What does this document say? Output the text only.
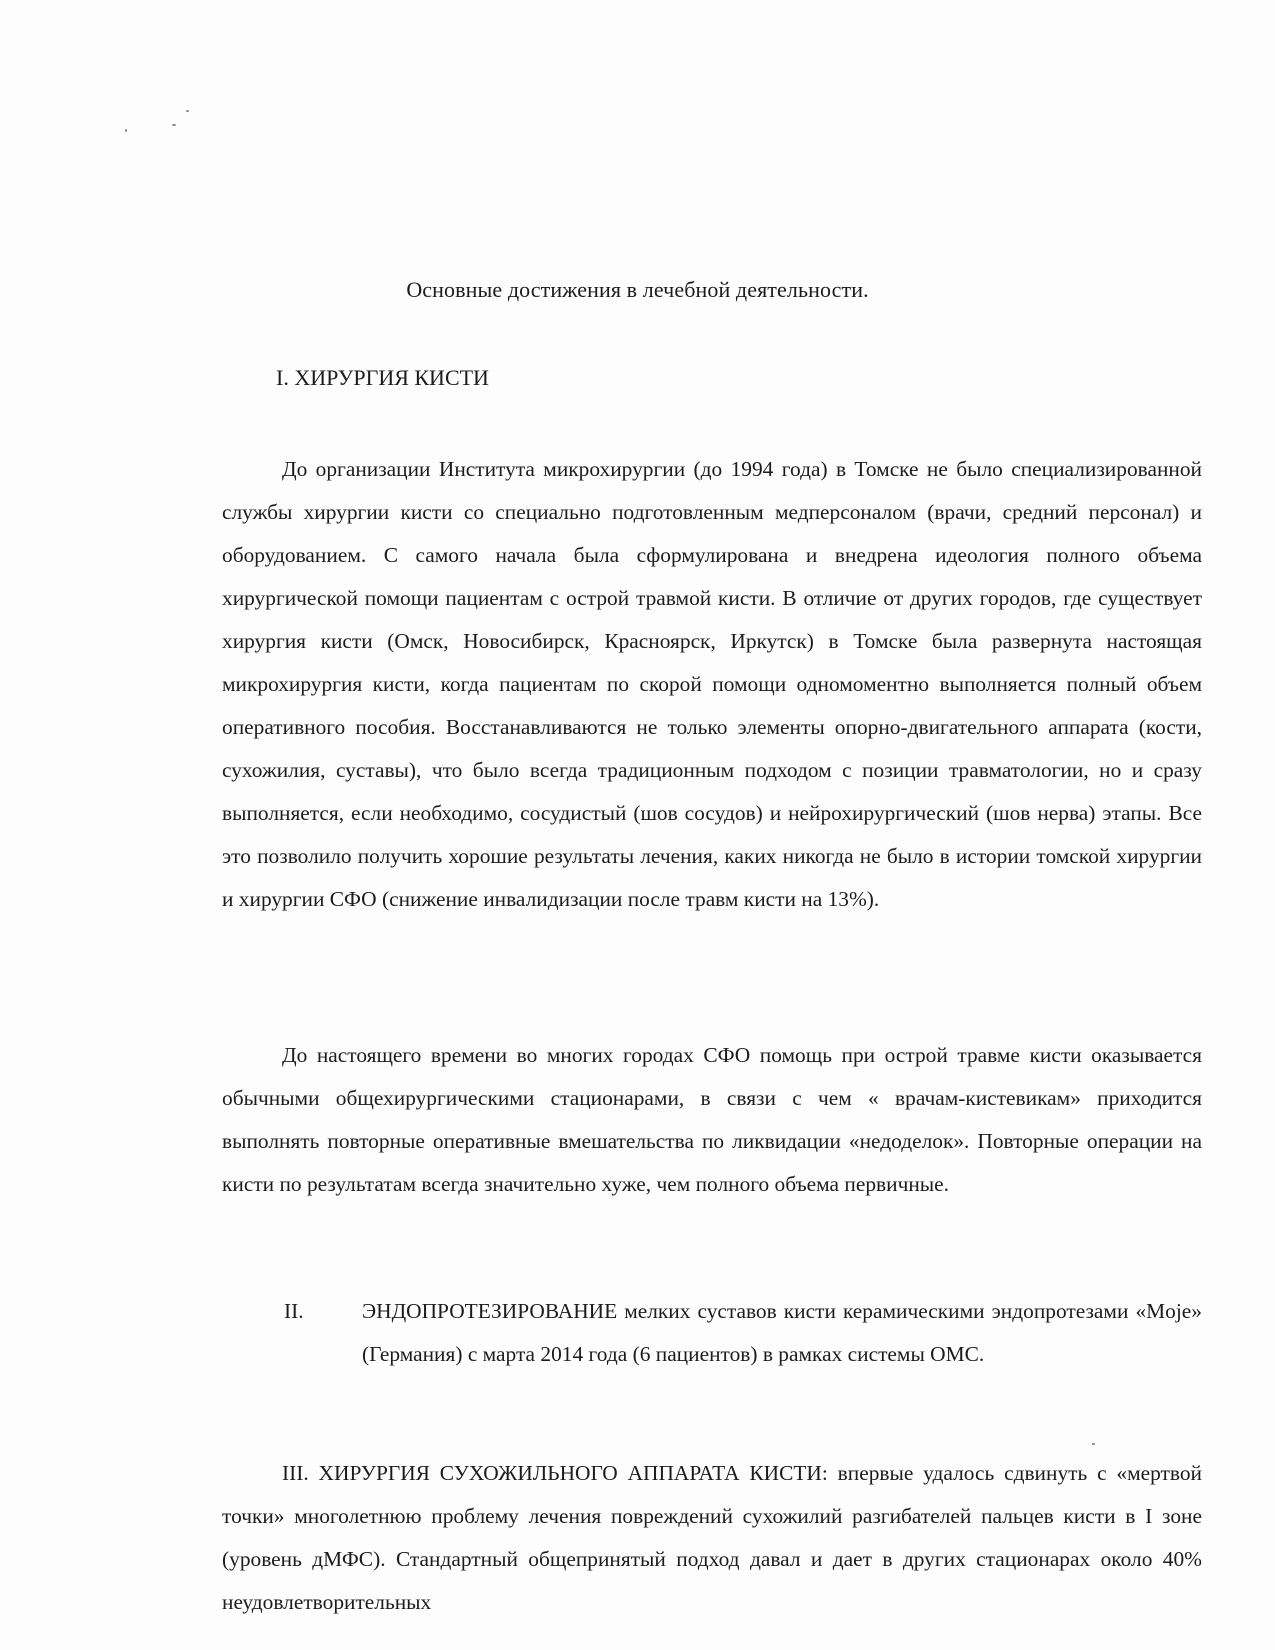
Основные достижения в лечебной деятельности.
I. ХИРУРГИЯ КИСТИ

До организации Института микрохирургии (до 1994 года) в Томске не было специализированной службы хирургии кисти со специально подготовленным медперсоналом (врачи, средний персонал) и оборудованием. С самого начала была сформулирована и внедрена идеология полного объема хирургической помощи пациентам с острой травмой кисти. В отличие от других городов, где существует хирургия кисти (Омск, Новосибирск, Красноярск, Иркутск) в Томске была развернута настоящая микрохирургия кисти, когда пациентам по скорой помощи одномоментно выполняется полный объем оперативного пособия. Восстанавливаются не только элементы опорно-двигательного аппарата (кости, сухожилия, суставы), что было всегда традиционным подходом с позиции травматологии, но и сразу выполняется, если необходимо, сосудистый (шов сосудов) и нейрохирургический (шов нерва) этапы. Все это позволило получить хорошие результаты лечения, каких никогда не было в истории томской хирургии и хирургии СФО (снижение инвалидизации после травм кисти на 13%).

До настоящего времени во многих городах СФО помощь при острой травме кисти оказывается обычными общехирургическими стационарами, в связи с чем « врачам-кистевикам» приходится выполнять повторные оперативные вмешательства по ликвидации «недоделок». Повторные операции на кисти по результатам всегда значительно хуже, чем полного объема первичные.

II.	ЭНДОПРОТЕЗИРОВАНИЕ мелких суставов кисти керамическими эндопротезами «Moje» (Германия) с марта 2014 года (6 пациентов) в рамках системы ОМС.

III. ХИРУРГИЯ СУХОЖИЛЬНОГО АППАРАТА КИСТИ: впервые удалось сдвинуть с «мертвой точки» многолетнюю проблему лечения повреждений сухожилий разгибателей пальцев кисти в I зоне (уровень дМФС). Стандартный общепринятый подход давал и дает в других стационарах около 40% неудовлетворительных
